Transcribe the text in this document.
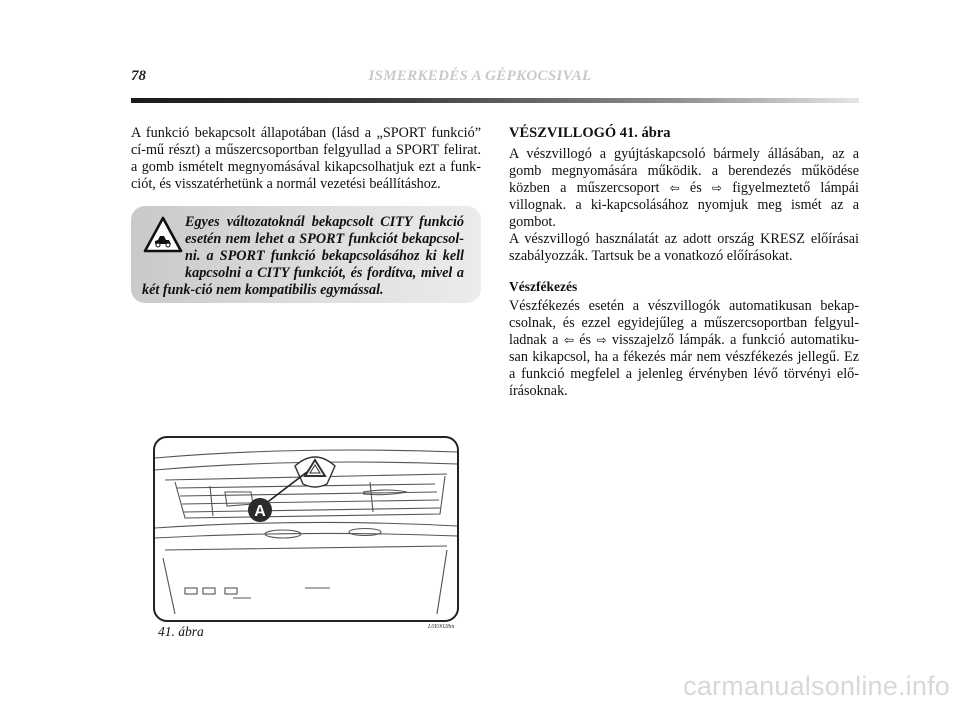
78	ISMERKEDÉS A GÉPKOCSIVAL

A funkció bekapcsolt állapotában (lásd a „SPORT funkció” cí-mű részt) a műszercsoportban felgyullad a SPORT felirat. a gomb ismételt megnyomásával kikapcsolhatjuk ezt a funk-ciót, és visszatérhetünk a normál vezetési beállításhoz.

Egyes változatoknál bekapcsolt CITY funkció esetén nem lehet a SPORT funkciót bekapcsol-ni. a SPORT funkció bekapcsolásához ki kell kapcsolni a CITY funkciót, és fordítva, mivel a két funk-ció nem kompatibilis egymással.

A
41. ábra	L0E0028m

VÉSZVILLOGÓ 41. ábra

A vészvillogó a gyújtáskapcsoló bármely állásában, az a gomb megnyomására működik. a berendezés működése közben a műszercsoport ⇦ és ⇨ figyelmeztető lámpái villognak. a ki-kapcsolásához nyomjuk meg ismét az a gombot.

A vészvillogó használatát az adott ország KRESZ előírásai szabályozzák. Tartsuk be a vonatkozó előírásokat.

Vészfékezés

Vészfékezés esetén a vészvillogók automatikusan bekap-csolnak, és ezzel egyidejűleg a műszercsoportban felgyul-ladnak a ⇦ és ⇨ visszajelző lámpák. a funkció automatiku-san kikapcsol, ha a fékezés már nem vészfékezés jellegű. Ez a funkció megfelel a jelenleg érvényben lévő törvényi elő-írásoknak.

carmanualsonline.info
